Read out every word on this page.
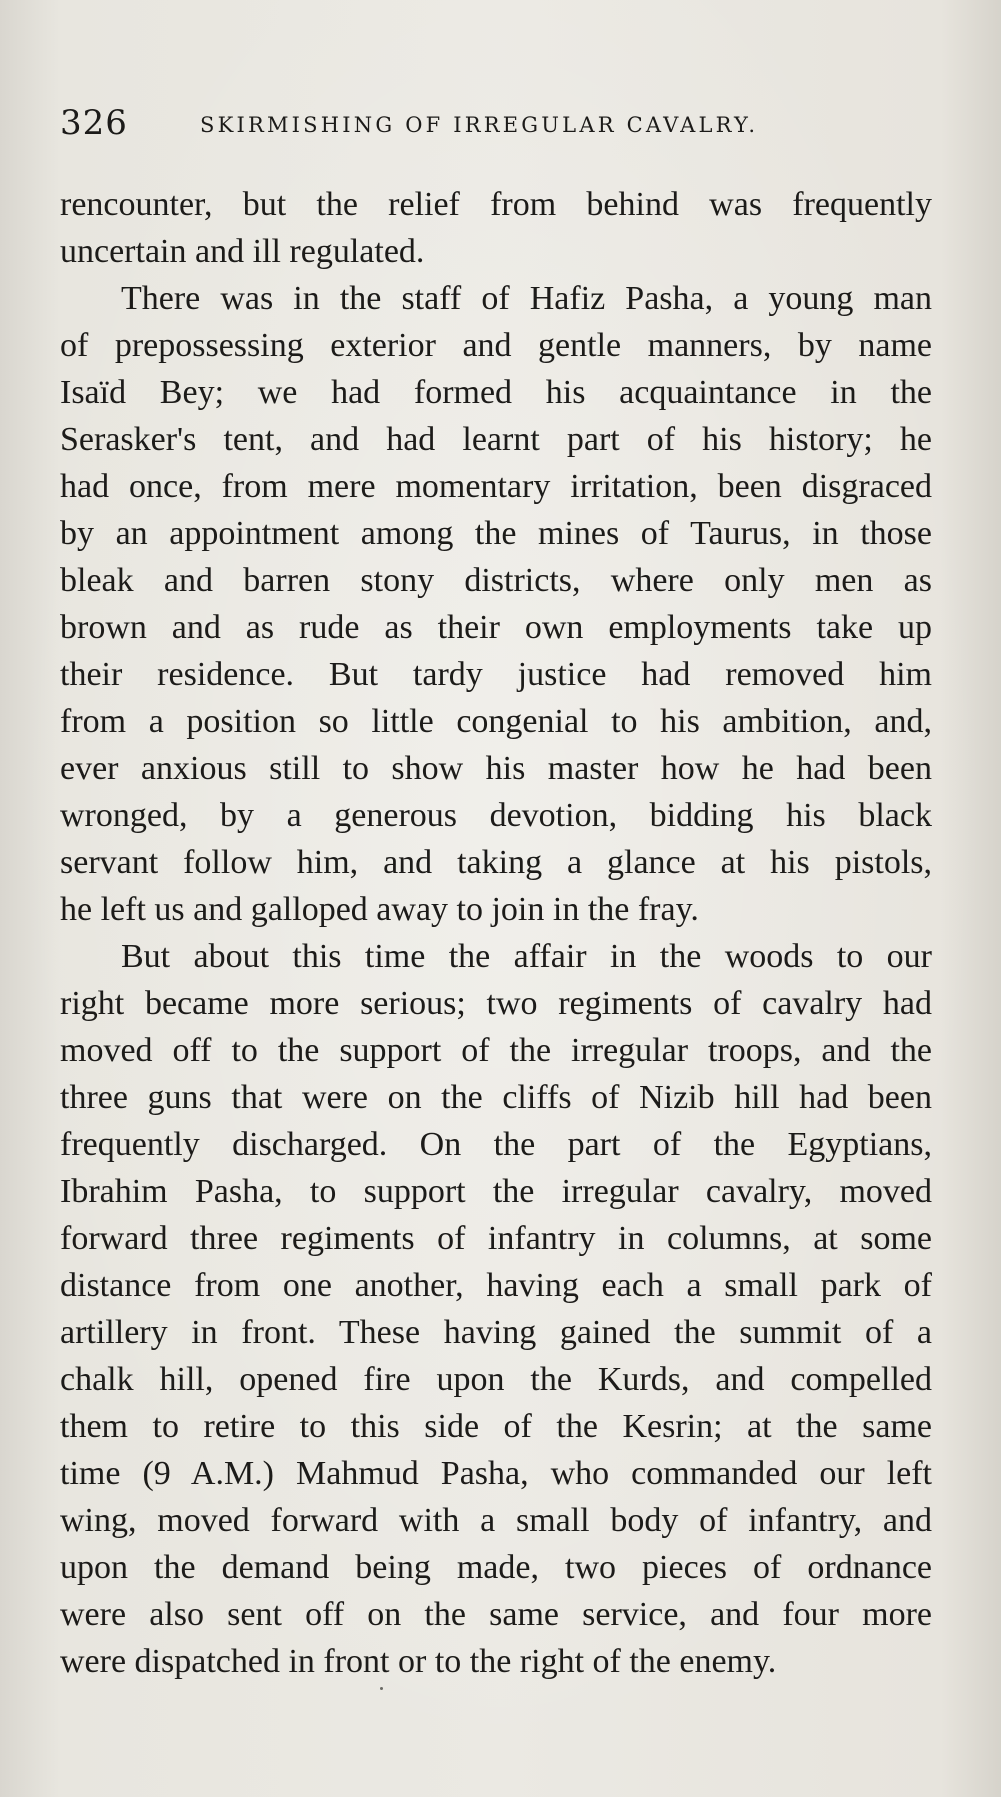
326	SKIRMISHING OF IRREGULAR CAVALRY.
rencounter, but the relief from behind was frequently
uncertain and ill regulated.
There was in the staff of Hafiz Pasha, a young man
of prepossessing exterior and gentle manners, by name
Isaïd Bey; we had formed his acquaintance in the
Serasker's tent, and had learnt part of his history; he
had once, from mere momentary irritation, been disgraced
by an appointment among the mines of Taurus, in those
bleak and barren stony districts, where only men as
brown and as rude as their own employments take up
their residence. But tardy justice had removed him
from a position so little congenial to his ambition, and,
ever anxious still to show his master how he had been
wronged, by a generous devotion, bidding his black
servant follow him, and taking a glance at his pistols,
he left us and galloped away to join in the fray.
But about this time the affair in the woods to our
right became more serious; two regiments of cavalry had
moved off to the support of the irregular troops, and the
three guns that were on the cliffs of Nizib hill had been
frequently discharged. On the part of the Egyptians,
Ibrahim Pasha, to support the irregular cavalry, moved
forward three regiments of infantry in columns, at some
distance from one another, having each a small park of
artillery in front. These having gained the summit of a
chalk hill, opened fire upon the Kurds, and compelled
them to retire to this side of the Kesrin; at the same
time (9 A.M.) Mahmud Pasha, who commanded our left
wing, moved forward with a small body of infantry, and
upon the demand being made, two pieces of ordnance
were also sent off on the same service, and four more
were dispatched in front or to the right of the enemy.
